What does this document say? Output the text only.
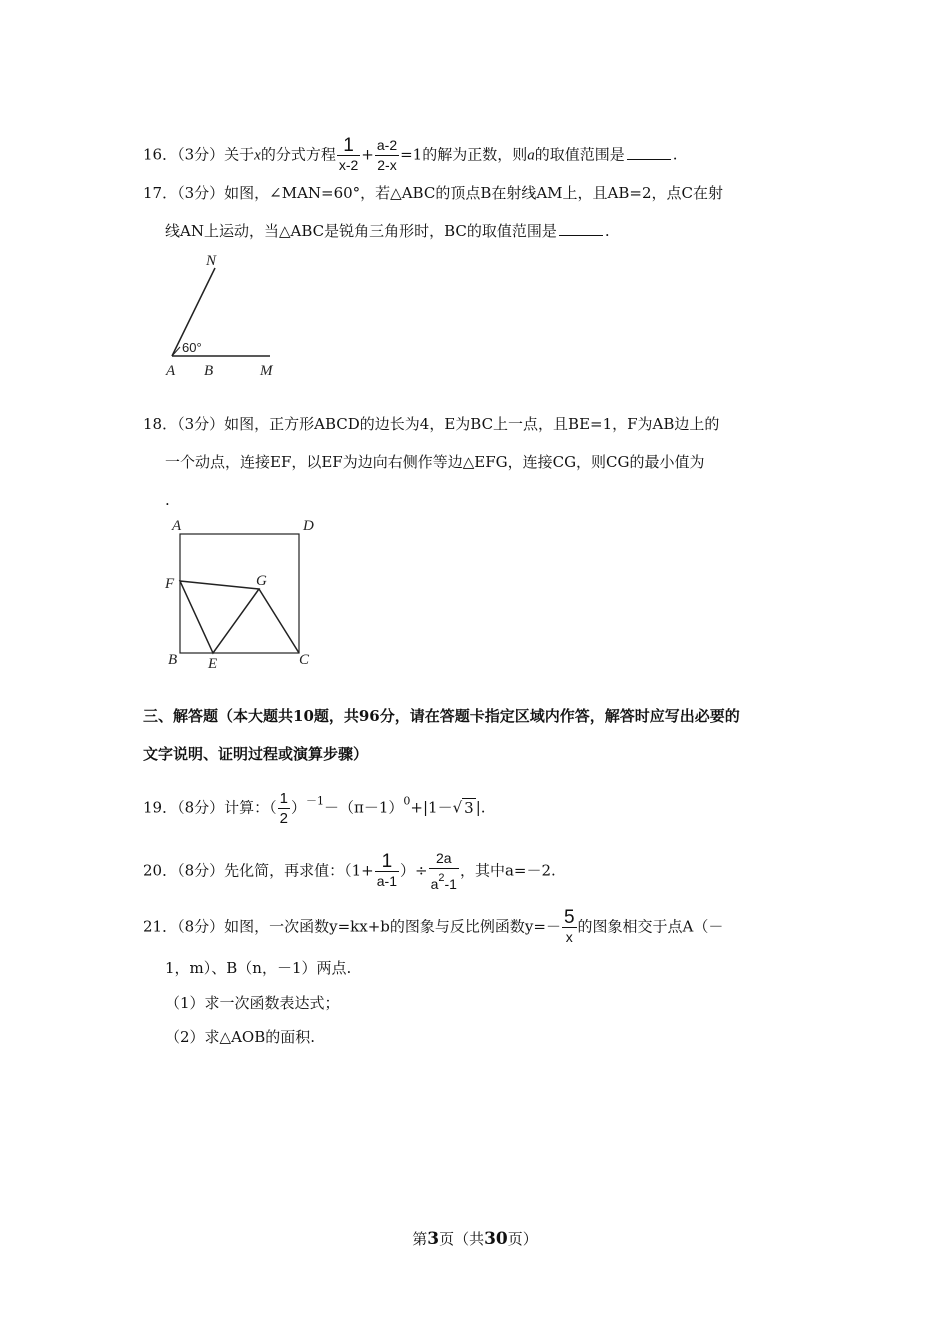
16．（3分）关于x的分式方程 $\frac{1}{x-2} + \frac{a-2}{2-x} =1$的解为正数，则a的取值范围是	.
17．（3分）如图，∠MAN=60°，若△ABC的顶点B在射线AM上，且AB=2，点C在射
线AN上运动，当△ABC是锐角三角形时，BC的取值范围是	.
N
60°
A B	M
18．（3分）如图，正方形ABCD的边长为4，E为BC上一点，且BE=1，F为AB边上的
一个动点，连接EF，以EF为边向右侧作等边△EFG，连接CG，则CG的最小值为
.
A	D
F	G
B E	C
三、解答题（本大题共10题，共96分，请在答题卡指定区域内作答，解答时应写出必要的
文字说明、证明过程或演算步骤）
19．（8分）计算：（ $\frac{1}{2} )^{-1}-(\pi-1)^0+|1-√$ 3 |.
20．（8分）先化简，再求值：（$1+ \frac{1}{a-1}$ ）÷ $\frac{2a}{a^2-1}$ ，其中a=－2.
21．（8分）如图，一次函数y=kx+b的图象与反比例函数$y=- \frac{5}{x}$ 的图象相交于点A（－
1，m）、B（n，－1）两点.
（1）求一次函数表达式；
（2）求△AOB的面积.
第3页（共30页）
